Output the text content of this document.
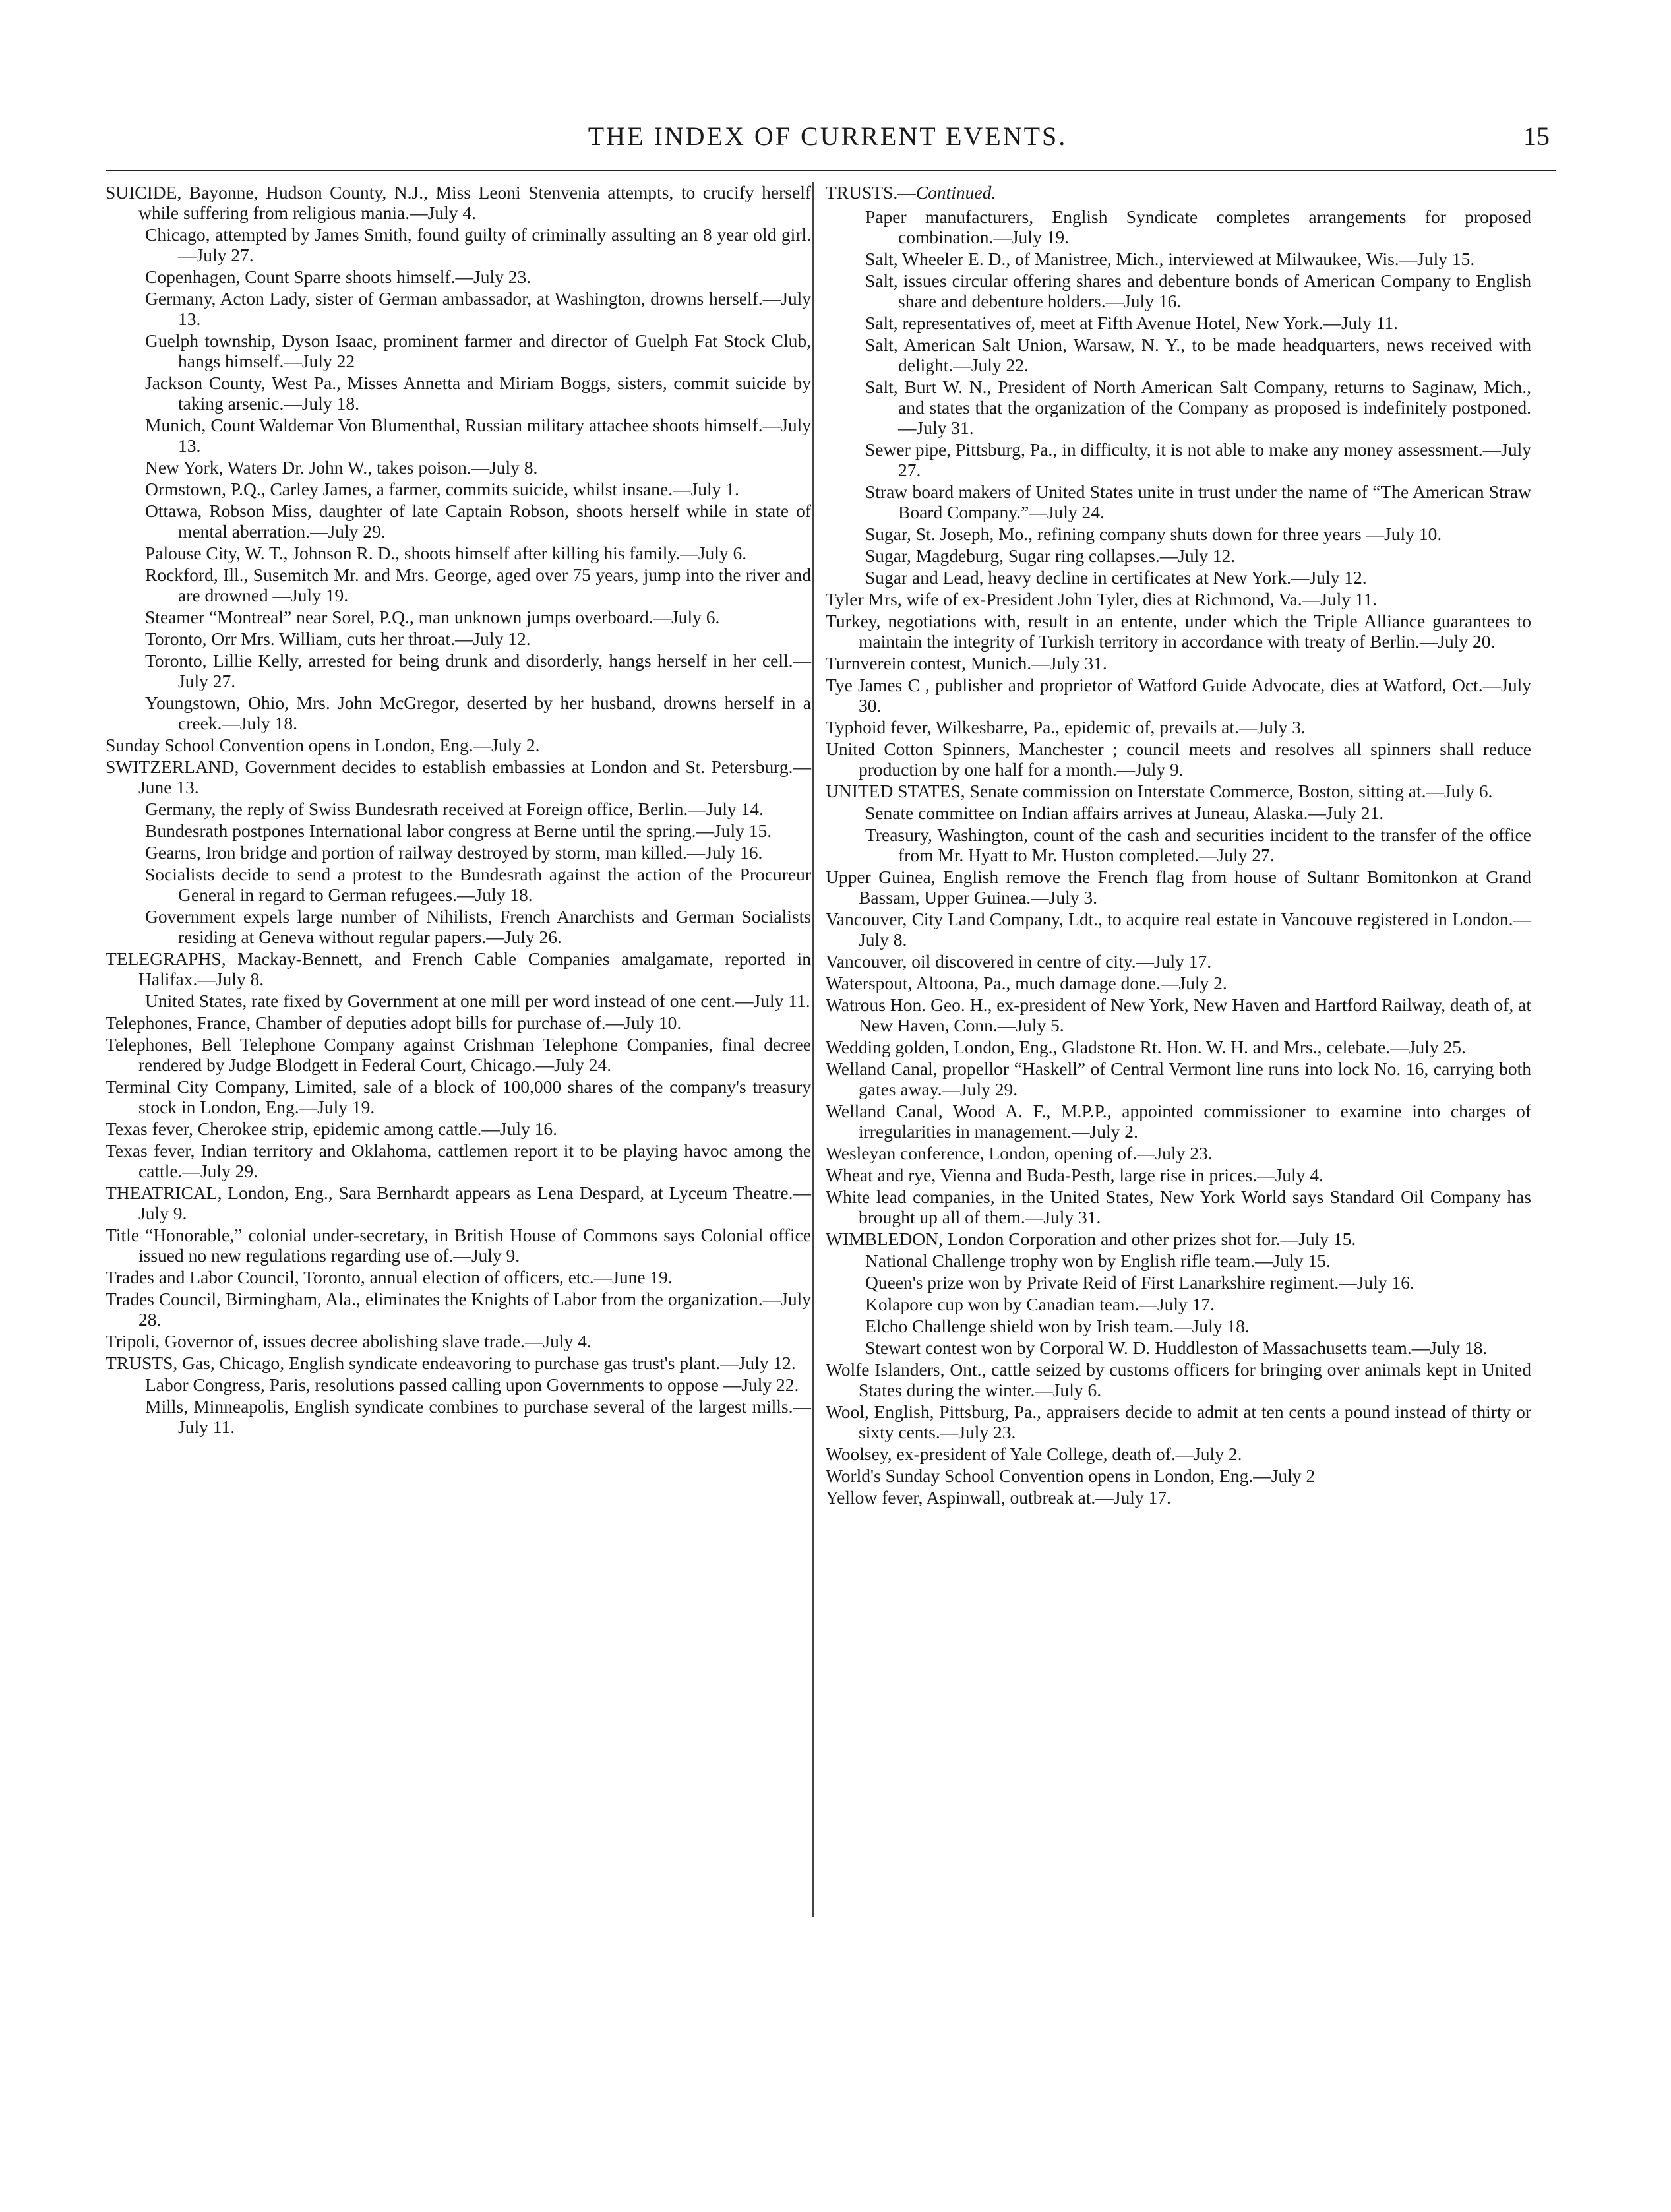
THE INDEX OF CURRENT EVENTS.	15

SUICIDE, Bayonne, Hudson County, N.J., Miss Leoni Stenvenia attempts, to crucify herself while suffering from religious mania.—July 4.

Chicago, attempted by James Smith, found guilty of criminally assulting an 8 year old girl.—July 27.

Copenhagen, Count Sparre shoots himself.—July 23.

Germany, Acton Lady, sister of German ambassador, at Washington, drowns herself.—July 13.

Guelph township, Dyson Isaac, prominent farmer and director of Guelph Fat Stock Club, hangs himself.—July 22

Jackson County, West Pa., Misses Annetta and Miriam Boggs, sisters, commit suicide by taking arsenic.—July 18.

Munich, Count Waldemar Von Blumenthal, Russian military attachee shoots himself.—July 13.

New York, Waters Dr. John W., takes poison.—July 8.

Ormstown, P.Q., Carley James, a farmer, commits suicide, whilst insane.—July 1.

Ottawa, Robson Miss, daughter of late Captain Robson, shoots herself while in state of mental aberration.—July 29.

Palouse City, W. T., Johnson R. D., shoots himself after killing his family.—July 6.

Rockford, Ill., Susemitch Mr. and Mrs. George, aged over 75 years, jump into the river and are drowned —July 19.

Steamer “Montreal” near Sorel, P.Q., man unknown jumps overboard.—July 6.

Toronto, Orr Mrs. William, cuts her throat.—July 12.

Toronto, Lillie Kelly, arrested for being drunk and disorderly, hangs herself in her cell.—July 27.

Youngstown, Ohio, Mrs. John McGregor, deserted by her husband, drowns herself in a creek.—July 18.

Sunday School Convention opens in London, Eng.—July 2.

SWITZERLAND, Government decides to establish embassies at London and St. Petersburg.—June 13.

Germany, the reply of Swiss Bundesrath received at Foreign office, Berlin.—July 14.

Bundesrath postpones International labor congress at Berne until the spring.—July 15.

Gearns, Iron bridge and portion of railway destroyed by storm, man killed.—July 16.

Socialists decide to send a protest to the Bundesrath against the action of the Procureur General in regard to German refugees.—July 18.

Government expels large number of Nihilists, French Anarchists and German Socialists residing at Geneva without regular papers.—July 26.

TELEGRAPHS, Mackay-Bennett, and French Cable Companies amalgamate, reported in Halifax.—July 8.

United States, rate fixed by Government at one mill per word instead of one cent.—July 11.

Telephones, France, Chamber of deputies adopt bills for purchase of.—July 10.

Telephones, Bell Telephone Company against Crishman Telephone Companies, final decree rendered by Judge Blodgett in Federal Court, Chicago.—July 24.

Terminal City Company, Limited, sale of a block of 100,000 shares of the company's treasury stock in London, Eng.—July 19.

Texas fever, Cherokee strip, epidemic among cattle.—July 16.

Texas fever, Indian territory and Oklahoma, cattlemen report it to be playing havoc among the cattle.—July 29.

THEATRICAL, London, Eng., Sara Bernhardt appears as Lena Despard, at Lyceum Theatre.—July 9.

Title “Honorable,” colonial under-secretary, in British House of Commons says Colonial office issued no new regulations regarding use of.—July 9.

Trades and Labor Council, Toronto, annual election of officers, etc.—June 19.

Trades Council, Birmingham, Ala., eliminates the Knights of Labor from the organization.—July 28.

Tripoli, Governor of, issues decree abolishing slave trade.—July 4.

TRUSTS, Gas, Chicago, English syndicate endeavoring to purchase gas trust's plant.—July 12.

Labor Congress, Paris, resolutions passed calling upon Governments to oppose —July 22.

Mills, Minneapolis, English syndicate combines to purchase several of the largest mills.—July 11.

TRUSTS.—Continued.

Paper manufacturers, English Syndicate completes arrangements for proposed combination.—July 19.

Salt, Wheeler E. D., of Manistree, Mich., interviewed at Milwaukee, Wis.—July 15.

Salt, issues circular offering shares and debenture bonds of American Company to English share and debenture holders.—July 16.

Salt, representatives of, meet at Fifth Avenue Hotel, New York.—July 11.

Salt, American Salt Union, Warsaw, N. Y., to be made headquarters, news received with delight.—July 22.

Salt, Burt W. N., President of North American Salt Company, returns to Saginaw, Mich., and states that the organization of the Company as proposed is indefinitely postponed.—July 31.

Sewer pipe, Pittsburg, Pa., in difficulty, it is not able to make any money assessment.—July 27.

Straw board makers of United States unite in trust under the name of “The American Straw Board Company.”—July 24.

Sugar, St. Joseph, Mo., refining company shuts down for three years —July 10.

Sugar, Magdeburg, Sugar ring collapses.—July 12.

Sugar and Lead, heavy decline in certificates at New York.—July 12.

Tyler Mrs, wife of ex-President John Tyler, dies at Richmond, Va.—July 11.

Turkey, negotiations with, result in an entente, under which the Triple Alliance guarantees to maintain the integrity of Turkish territory in accordance with treaty of Berlin.—July 20.

Turnverein contest, Munich.—July 31.

Tye James C , publisher and proprietor of Watford Guide Advocate, dies at Watford, Oct.—July 30.

Typhoid fever, Wilkesbarre, Pa., epidemic of, prevails at.—July 3.

United Cotton Spinners, Manchester ; council meets and resolves all spinners shall reduce production by one half for a month.—July 9.

UNITED STATES, Senate commission on Interstate Commerce, Boston, sitting at.—July 6.

Senate committee on Indian affairs arrives at Juneau, Alaska.—July 21.

Treasury, Washington, count of the cash and securities incident to the transfer of the office from Mr. Hyatt to Mr. Huston completed.—July 27.

Upper Guinea, English remove the French flag from house of Sultanr Bomitonkon at Grand Bassam, Upper Guinea.—July 3.

Vancouver, City Land Company, Ldt., to acquire real estate in Vancouve registered in London.—July 8.

Vancouver, oil discovered in centre of city.—July 17.

Waterspout, Altoona, Pa., much damage done.—July 2.

Watrous Hon. Geo. H., ex-president of New York, New Haven and Hartford Railway, death of, at New Haven, Conn.—July 5.

Wedding golden, London, Eng., Gladstone Rt. Hon. W. H. and Mrs., celebate.—July 25.

Welland Canal, propellor “Haskell” of Central Vermont line runs into lock No. 16, carrying both gates away.—July 29.

Welland Canal, Wood A. F., M.P.P., appointed commissioner to examine into charges of irregularities in management.—July 2.

Wesleyan conference, London, opening of.—July 23.

Wheat and rye, Vienna and Buda-Pesth, large rise in prices.—July 4.

White lead companies, in the United States, New York World says Standard Oil Company has brought up all of them.—July 31.

WIMBLEDON, London Corporation and other prizes shot for.—July 15.

National Challenge trophy won by English rifle team.—July 15.

Queen's prize won by Private Reid of First Lanarkshire regiment.—July 16.

Kolapore cup won by Canadian team.—July 17.

Elcho Challenge shield won by Irish team.—July 18.

Stewart contest won by Corporal W. D. Huddleston of Massachusetts team.—July 18.

Wolfe Islanders, Ont., cattle seized by customs officers for bringing over animals kept in United States during the winter.—July 6.

Wool, English, Pittsburg, Pa., appraisers decide to admit at ten cents a pound instead of thirty or sixty cents.—July 23.

Woolsey, ex-president of Yale College, death of.—July 2.

World's Sunday School Convention opens in London, Eng.—July 2

Yellow fever, Aspinwall, outbreak at.—July 17.
